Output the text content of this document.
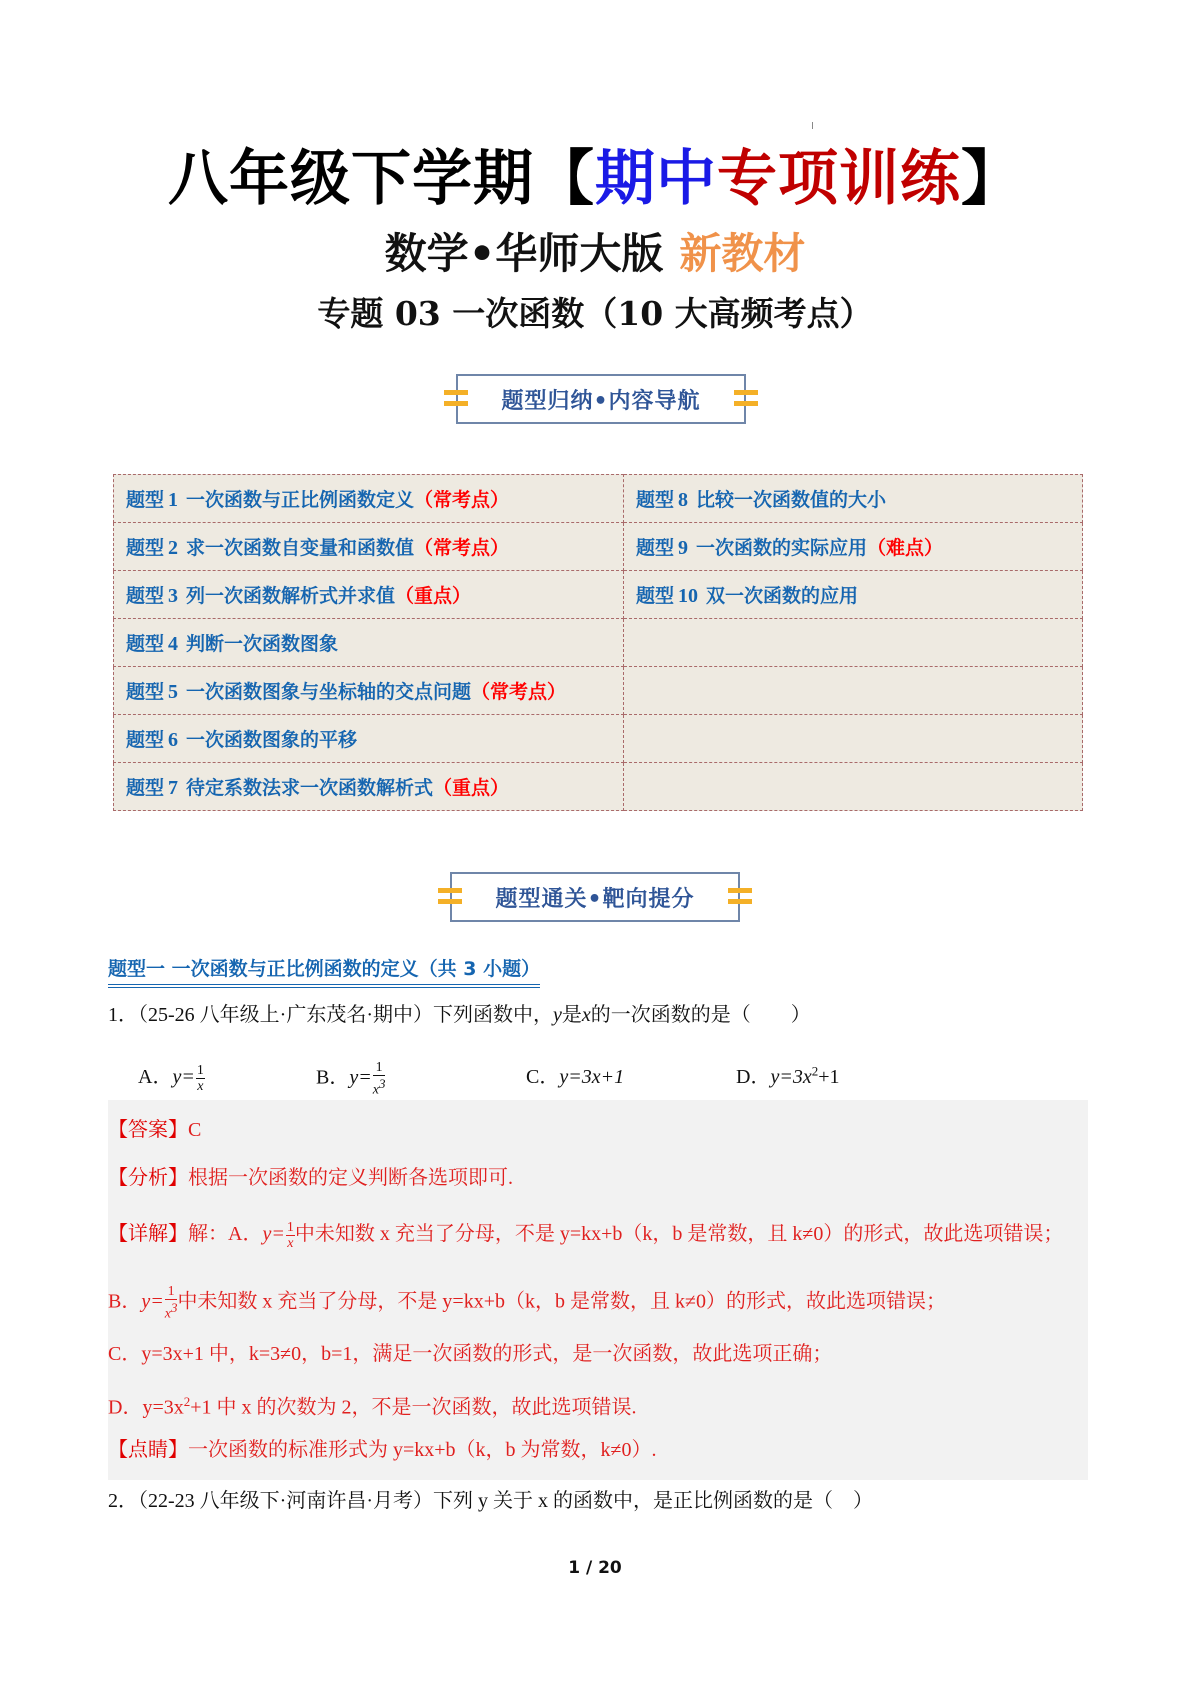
八年级下学期【期中专项训练】
数学•华师大版 新教材
专题 03 一次函数（10 大高频考点）
题型归纳•内容导航
题型 1 一次函数与正比例函数定义（常考点）	题型 8 比较一次函数值的大小
题型 2 求一次函数自变量和函数值（常考点）	题型 9 一次函数的实际应用（难点）
题型 3 列一次函数解析式并求值（重点）	题型 10 双一次函数的应用
题型 4 判断一次函数图象	
题型 5 一次函数图象与坐标轴的交点问题（常考点）	
题型 6 一次函数图象的平移	
题型 7 待定系数法求一次函数解析式（重点）	
题型通关•靶向提分
题型一 一次函数与正比例函数的定义（共 3 小题）
1．（25-26 八年级上·广东茂名·期中）下列函数中，y是x的一次函数的是（　　）
A．$y= \frac{1}{x}$	B．$y= \frac{1}{x^3}$	C．y=3x+1	D．$y=3x^2+1$
【答案】C
【分析】根据一次函数的定义判断各选项即可.
【详解】解：A．$y= \frac{1}{x}$ 中未知数 x 充当了分母，不是 y=kx+b（k，b 是常数，且 k≠0）的形式，故此选项错误；
B．$y= \frac{1}{x^3}$ 中未知数 x 充当了分母，不是 y=kx+b（k，b 是常数，且 k≠0）的形式，故此选项错误；
C．y=3x+1 中，k=3≠0，b=1，满足一次函数的形式，是一次函数，故此选项正确；
D．$y=3x^2+1$ 中 x 的次数为 2，不是一次函数，故此选项错误.
【点睛】一次函数的标准形式为 y=kx+b（k，b 为常数，k≠0）.
2．（22-23 八年级下·河南许昌·月考）下列 y 关于 x 的函数中，是正比例函数的是（　）
1 / 20
